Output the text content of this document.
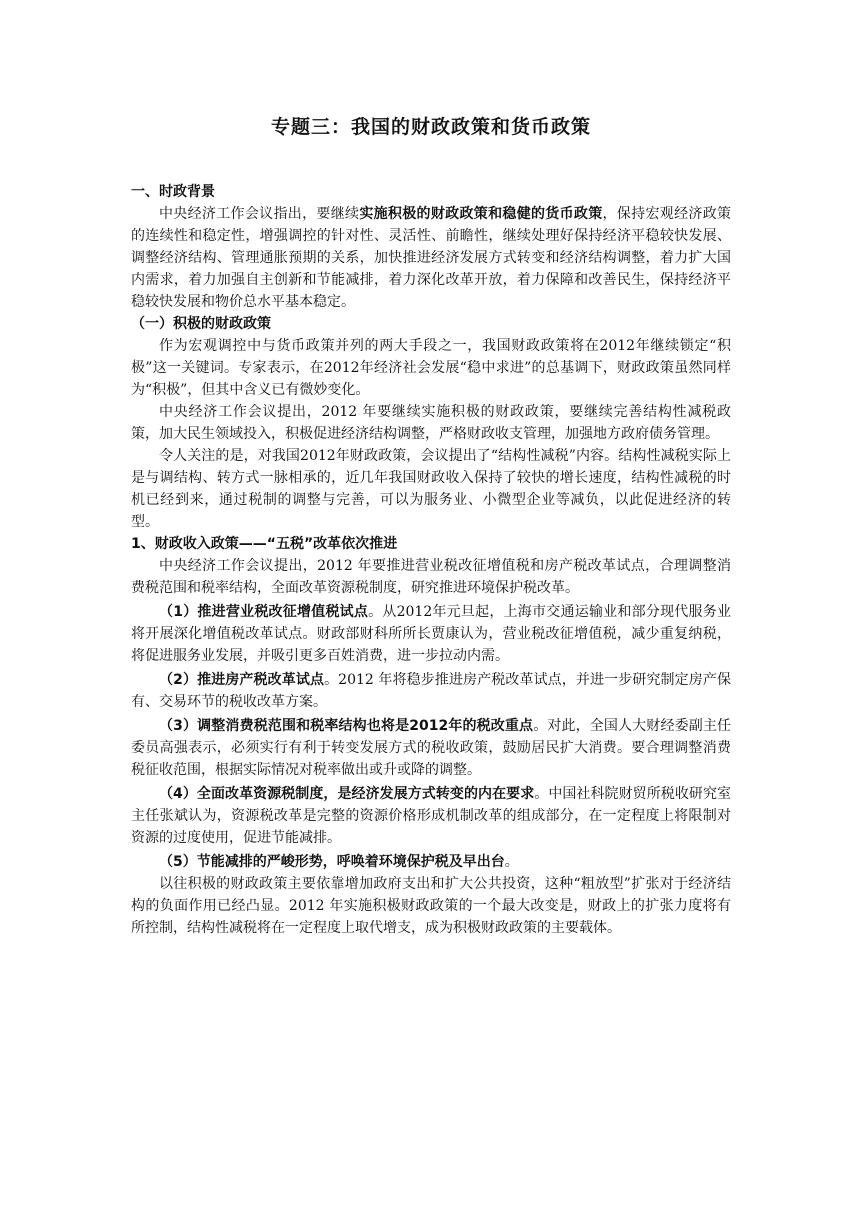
专题三：我国的财政政策和货币政策
一、时政背景

中央经济工作会议指出，要继续实施积极的财政政策和稳健的货币政策，保持宏观经济政策的连续性和稳定性，增强调控的针对性、灵活性、前瞻性，继续处理好保持经济平稳较快发展、调整经济结构、管理通胀预期的关系，加快推进经济发展方式转变和经济结构调整，着力扩大国内需求，着力加强自主创新和节能减排，着力深化改革开放，着力保障和改善民生，保持经济平稳较快发展和物价总水平基本稳定。

（一）积极的财政政策

作为宏观调控中与货币政策并列的两大手段之一，我国财政政策将在2012年继续锁定“积极”这一关键词。专家表示，在2012年经济社会发展“稳中求进”的总基调下，财政政策虽然同样为“积极”，但其中含义已有微妙变化。

中央经济工作会议提出，2012 年要继续实施积极的财政政策，要继续完善结构性减税政策，加大民生领域投入，积极促进经济结构调整，严格财政收支管理，加强地方政府债务管理。

令人关注的是，对我国2012年财政政策，会议提出了“结构性减税”内容。结构性减税实际上是与调结构、转方式一脉相承的，近几年我国财政收入保持了较快的增长速度，结构性减税的时机已经到来，通过税制的调整与完善，可以为服务业、小微型企业等减负，以此促进经济的转型。

1、财政收入政策——“五税”改革依次推进

中央经济工作会议提出，2012 年要推进营业税改征增值税和房产税改革试点，合理调整消费税范围和税率结构，全面改革资源税制度，研究推进环境保护税改革。

（1）推进营业税改征增值税试点。从2012年元旦起，上海市交通运输业和部分现代服务业将开展深化增值税改革试点。财政部财科所所长贾康认为，营业税改征增值税，减少重复纳税，将促进服务业发展，并吸引更多百姓消费，进一步拉动内需。

（2）推进房产税改革试点。2012 年将稳步推进房产税改革试点，并进一步研究制定房产保有、交易环节的税收改革方案。

（3）调整消费税范围和税率结构也将是2012年的税改重点。对此，全国人大财经委副主任委员高强表示，必须实行有利于转变发展方式的税收政策，鼓励居民扩大消费。要合理调整消费税征收范围，根据实际情况对税率做出或升或降的调整。

（4）全面改革资源税制度，是经济发展方式转变的内在要求。中国社科院财贸所税收研究室主任张斌认为，资源税改革是完整的资源价格形成机制改革的组成部分，在一定程度上将限制对资源的过度使用，促进节能减排。

（5）节能减排的严峻形势，呼唤着环境保护税及早出台。

以往积极的财政政策主要依靠增加政府支出和扩大公共投资，这种“粗放型”扩张对于经济结构的负面作用已经凸显。2012 年实施积极财政政策的一个最大改变是，财政上的扩张力度将有所控制，结构性减税将在一定程度上取代增支，成为积极财政政策的主要载体。
